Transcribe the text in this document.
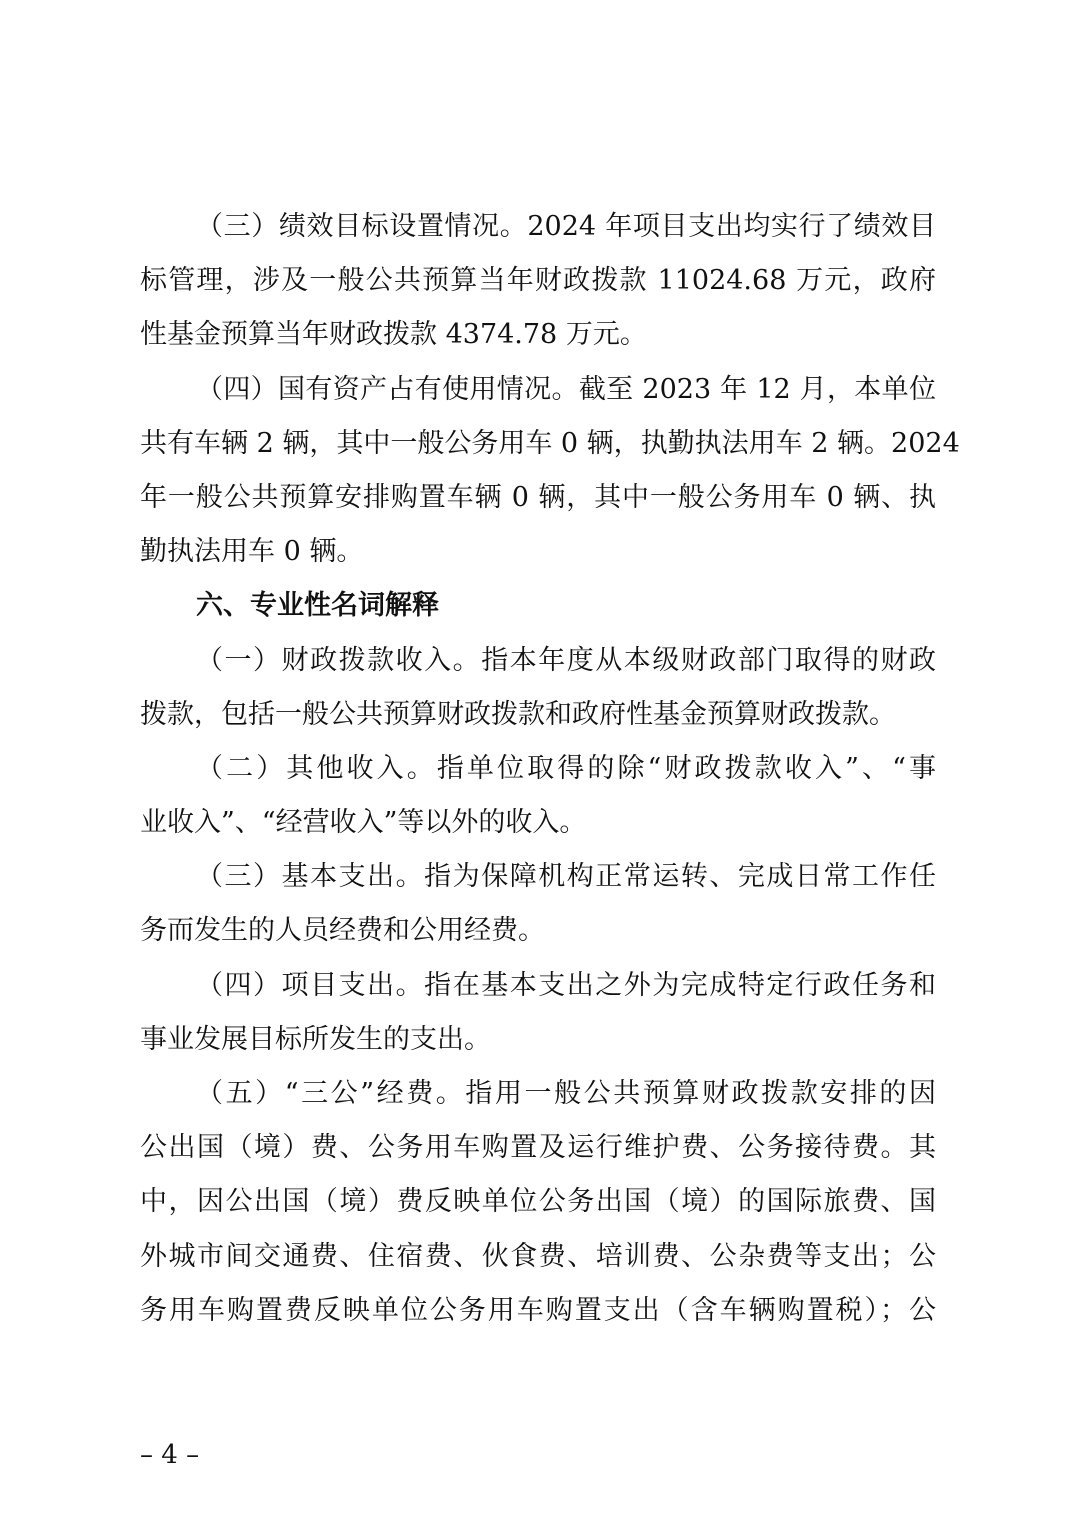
（三）绩效目标设置情况。2024 年项目支出均实行了绩效目
标管理，涉及一般公共预算当年财政拨款 11024.68 万元，政府
性基金预算当年财政拨款 4374.78 万元。
（四）国有资产占有使用情况。截至 2023 年 12 月，本单位
共有车辆 2 辆，其中一般公务用车 0 辆，执勤执法用车 2 辆。2024
年一般公共预算安排购置车辆 0 辆，其中一般公务用车 0 辆、执
勤执法用车 0 辆。
六、专业性名词解释
（一）财政拨款收入。指本年度从本级财政部门取得的财政
拨款，包括一般公共预算财政拨款和政府性基金预算财政拨款。
（二）其他收入。指单位取得的除“财政拨款收入”、“事
业收入”、“经营收入”等以外的收入。
（三）基本支出。指为保障机构正常运转、完成日常工作任
务而发生的人员经费和公用经费。
（四）项目支出。指在基本支出之外为完成特定行政任务和
事业发展目标所发生的支出。
（五）“三公”经费。指用一般公共预算财政拨款安排的因
公出国（境）费、公务用车购置及运行维护费、公务接待费。其
中，因公出国（境）费反映单位公务出国（境）的国际旅费、国
外城市间交通费、住宿费、伙食费、培训费、公杂费等支出；公
务用车购置费反映单位公务用车购置支出（含车辆购置税）；公
– 4 –
